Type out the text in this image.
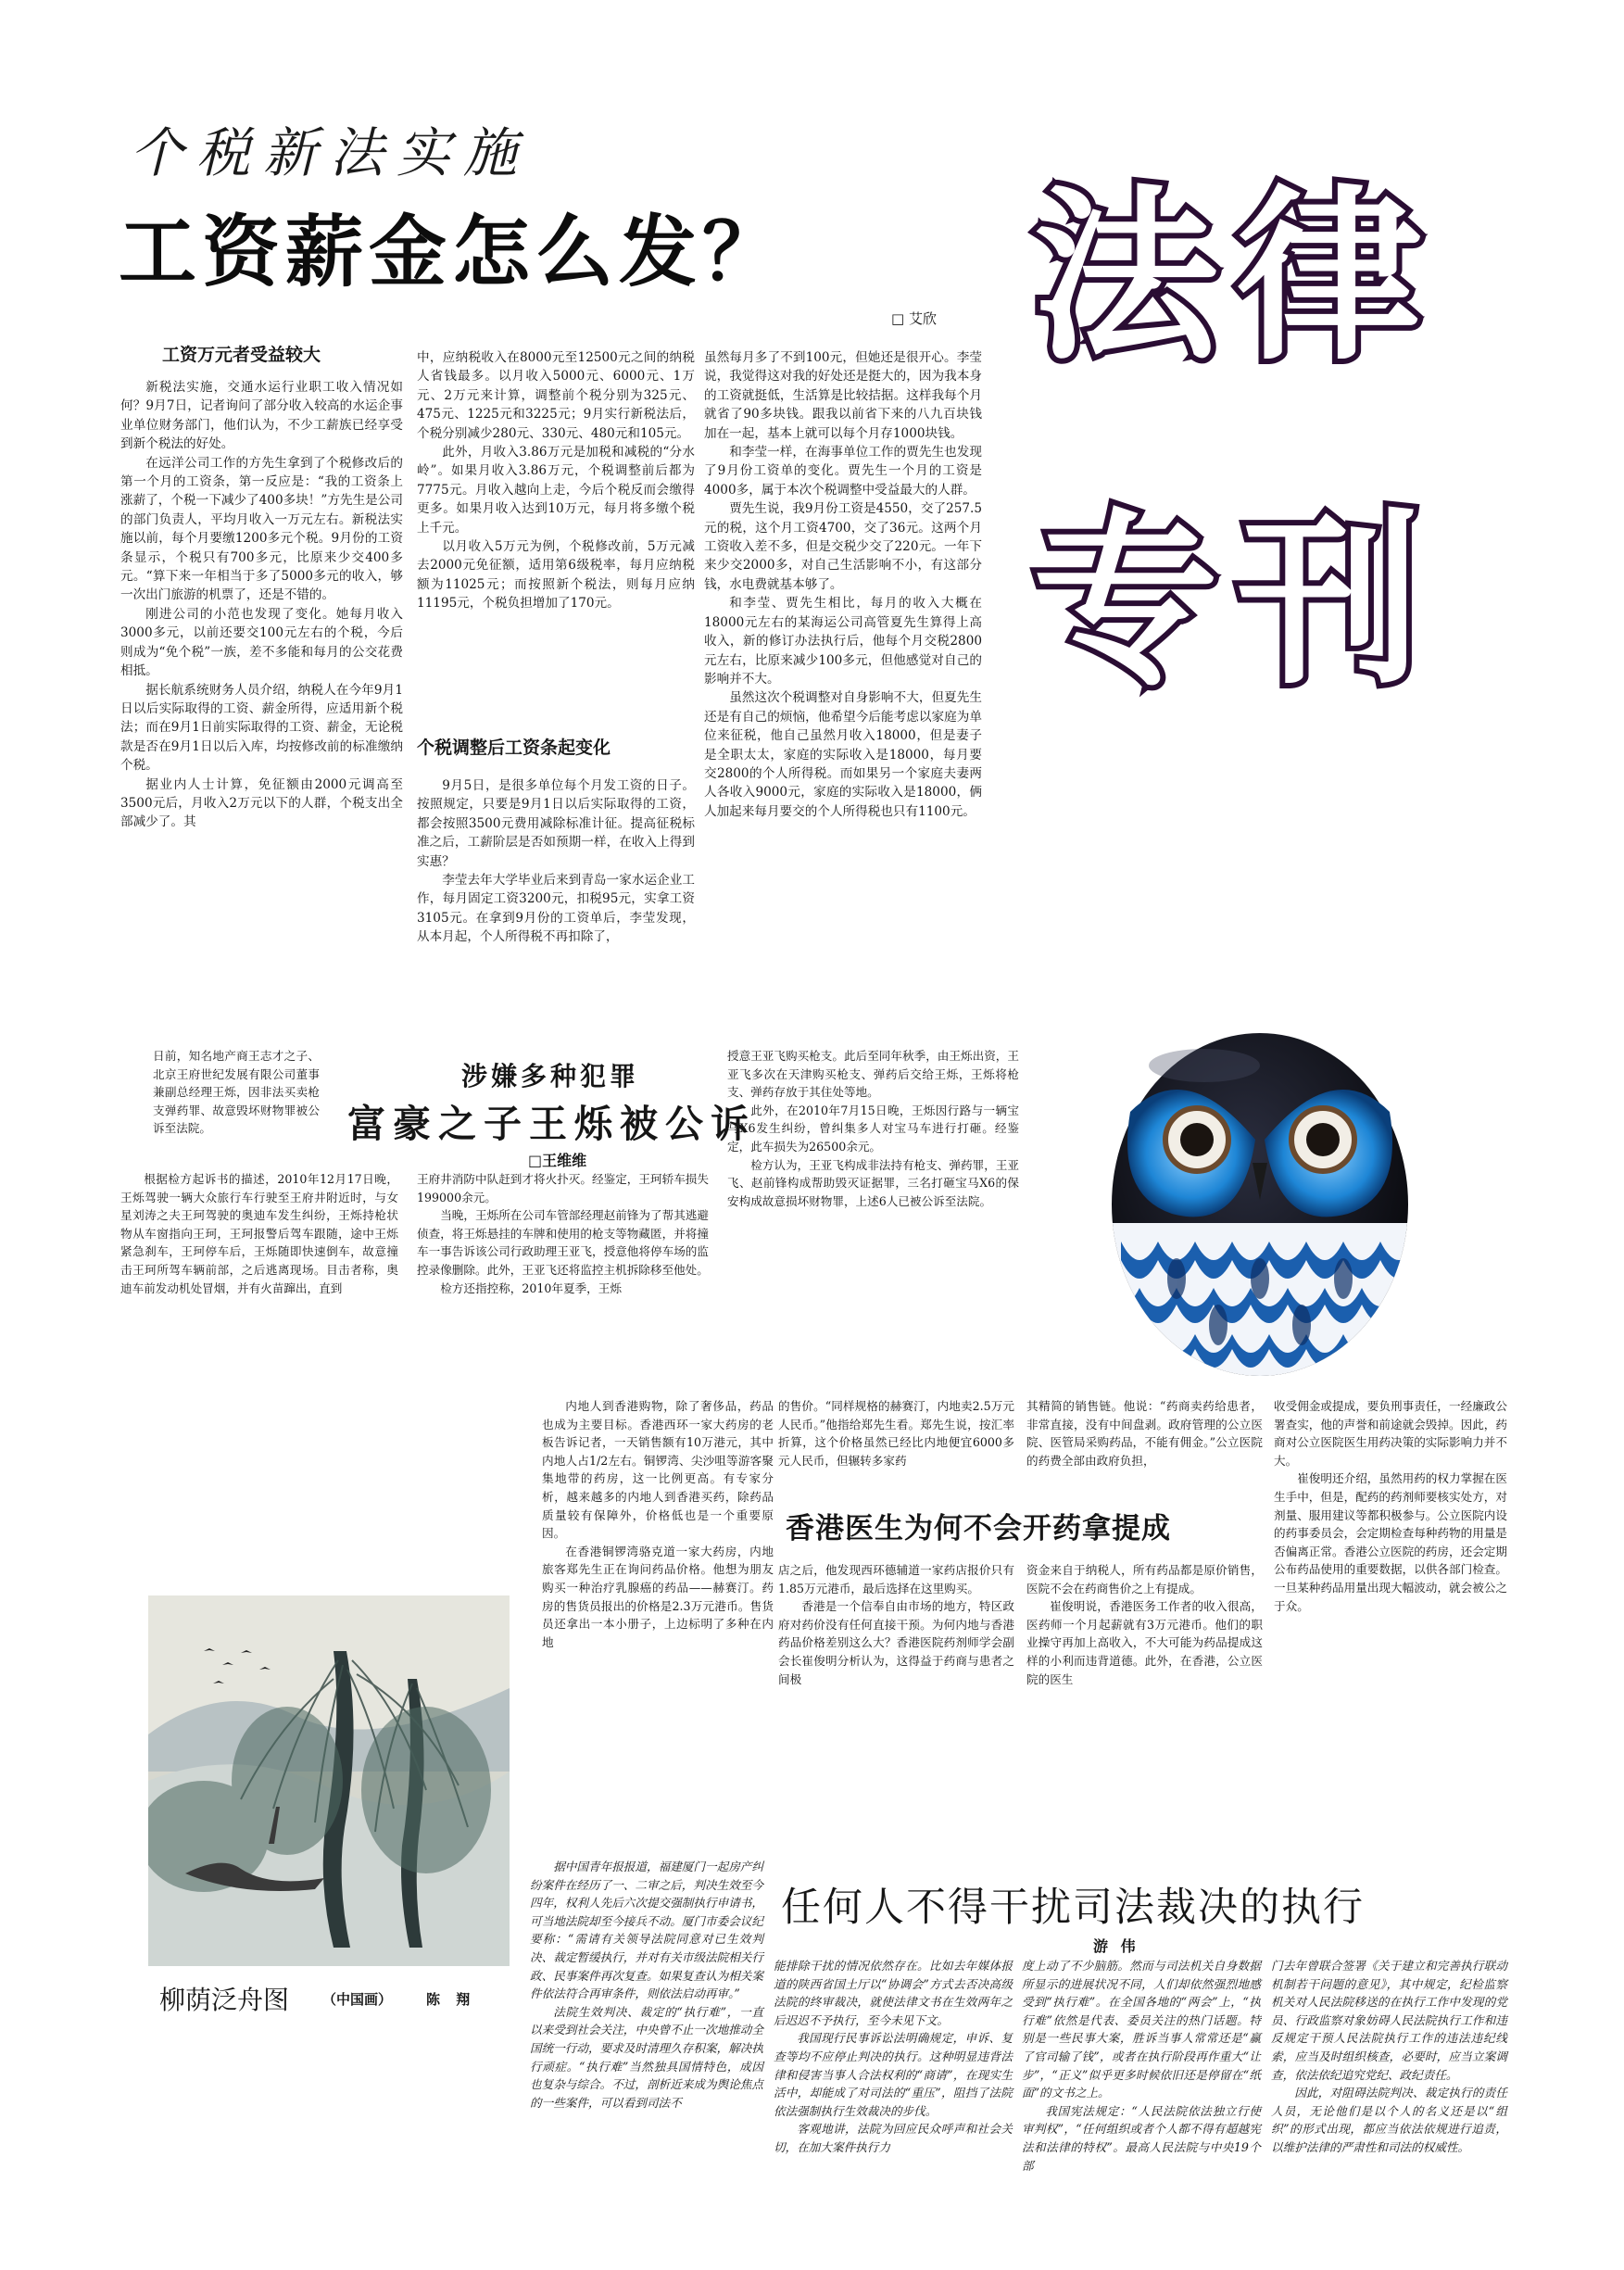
个税新法实施
工资薪金怎么发？
□ 艾欣
工资万元者受益较大

新税法实施，交通水运行业职工收入情况如何？9月7日，记者询问了部分收入较高的水运企事业单位财务部门，他们认为，不少工薪族已经享受到新个税法的好处。

在远洋公司工作的方先生拿到了个税修改后的第一个月的工资条，第一反应是：“我的工资条上涨薪了，个税一下减少了400多块！”方先生是公司的部门负责人，平均月收入一万元左右。新税法实施以前，每个月要缴1200多元个税。9月份的工资条显示，个税只有700多元，比原来少交400多元。“算下来一年相当于多了5000多元的收入，够一次出门旅游的机票了，还是不错的。

刚进公司的小范也发现了变化。她每月收入3000多元，以前还要交100元左右的个税，今后则成为“免个税”一族，差不多能和每月的公交花费相抵。

据长航系统财务人员介绍，纳税人在今年9月1日以后实际取得的工资、薪金所得，应适用新个税法；而在9月1日前实际取得的工资、薪金，无论税款是否在9月1日以后入库，均按修改前的标准缴纳个税。

据业内人士计算，免征额由2000元调高至3500元后，月收入2万元以下的人群，个税支出全部减少了。其

中，应纳税收入在8000元至12500元之间的纳税人省钱最多。以月收入5000元、6000元、1万元、2万元来计算，调整前个税分别为325元、475元、1225元和3225元；9月实行新税法后，个税分别减少280元、330元、480元和105元。

此外，月收入3.86万元是加税和减税的“分水岭”。如果月收入3.86万元，个税调整前后都为7775元。月收入越向上走，今后个税反而会缴得更多。如果月收入达到10万元，每月将多缴个税上千元。

以月收入5万元为例，个税修改前，5万元减去2000元免征额，适用第6级税率，每月应纳税额为11025元；而按照新个税法，则每月应纳11195元，个税负担增加了170元。

个税调整后工资条起变化

9月5日，是很多单位每个月发工资的日子。按照规定，只要是9月1日以后实际取得的工资，都会按照3500元费用减除标准计征。提高征税标准之后，工薪阶层是否如预期一样，在收入上得到实惠？

李莹去年大学毕业后来到青岛一家水运企业工作，每月固定工资3200元，扣税95元，实拿工资3105元。在拿到9月份的工资单后，李莹发现，从本月起，个人所得税不再扣除了，

虽然每月多了不到100元，但她还是很开心。李莹说，我觉得这对我的好处还是挺大的，因为我本身的工资就挺低，生活算是比较拮据。这样我每个月就省了90多块钱。跟我以前省下来的八九百块钱加在一起，基本上就可以每个月存1000块钱。

和李莹一样，在海事单位工作的贾先生也发现了9月份工资单的变化。贾先生一个月的工资是4000多，属于本次个税调整中受益最大的人群。

贾先生说，我9月份工资是4550，交了257.5元的税，这个月工资4700，交了36元。这两个月工资收入差不多，但是交税少交了220元。一年下来少交2000多，对自己生活影响不小，有这部分钱，水电费就基本够了。

和李莹、贾先生相比，每月的收入大概在18000元左右的某海运公司高管夏先生算得上高收入，新的修订办法执行后，他每个月交税2800元左右，比原来减少100多元，但他感觉对自己的影响并不大。

虽然这次个税调整对自身影响不大，但夏先生还是有自己的烦恼，他希望今后能考虑以家庭为单位来征税，他自己虽然月收入18000，但是妻子是全职太太，家庭的实际收入是18000，每月要交2800的个人所得税。而如果另一个家庭夫妻两人各收入9000元，家庭的实际收入是18000，俩人加起来每月要交的个人所得税也只有1100元。

法律
专刊

日前，知名地产商王志才之子、北京王府世纪发展有限公司董事兼副总经理王烁，因非法买卖枪支弹药罪、故意毁坏财物罪被公诉至法院。

涉嫌多种犯罪
富豪之子王烁被公诉
□王维维

根据检方起诉书的描述，2010年12月17日晚，王烁驾驶一辆大众旅行车行驶至王府井附近时，与女星刘涛之夫王珂驾驶的奥迪车发生纠纷，王烁持枪状物从车窗指向王珂，王珂报警后驾车跟随，途中王烁紧急刹车，王珂停车后，王烁随即快速倒车，故意撞击王珂所驾车辆前部，之后逃离现场。目击者称，奥迪车前发动机处冒烟，并有火苗蹿出，直到

王府井消防中队赶到才将火扑灭。经鉴定，王珂轿车损失199000余元。

当晚，王烁所在公司车管部经理赵前锋为了帮其逃避侦查，将王烁悬挂的车牌和使用的枪支等物藏匿，并将撞车一事告诉该公司行政助理王亚飞，授意他将停车场的监控录像删除。此外，王亚飞还将监控主机拆除移至他处。

检方还指控称，2010年夏季，王烁

授意王亚飞购买枪支。此后至同年秋季，由王烁出资，王亚飞多次在天津购买枪支、弹药后交给王烁，王烁将枪支、弹药存放于其住处等地。

此外，在2010年7月15日晚，王烁因行路与一辆宝马X6发生纠纷，曾纠集多人对宝马车进行打砸。经鉴定，此车损失为26500余元。

检方认为，王亚飞构成非法持有枪支、弹药罪，王亚飞、赵前锋构成帮助毁灭证据罪，三名打砸宝马X6的保安构成故意损坏财物罪，上述6人已被公诉至法院。

内地人到香港购物，除了奢侈品，药品也成为主要目标。香港西环一家大药房的老板告诉记者，一天销售额有10万港元，其中内地人占1/2左右。铜锣湾、尖沙咀等游客聚集地带的药房，这一比例更高。有专家分析，越来越多的内地人到香港买药，除药品质量较有保障外，价格低也是一个重要原因。

在香港铜锣湾骆克道一家大药房，内地旅客郑先生正在询问药品价格。他想为朋友购买一种治疗乳腺癌的药品——赫赛汀。药房的售货员报出的价格是2.3万元港币。售货员还拿出一本小册子，上边标明了多种在内地

的售价。“同样规格的赫赛汀，内地卖2.5万元人民币。”他指给郑先生看。郑先生说，按汇率折算，这个价格虽然已经比内地便宜6000多元人民币，但辗转多家药

其精简的销售链。他说：“药商卖药给患者，非常直接，没有中间盘剥。政府管理的公立医院、医管局采购药品，不能有佣金。”公立医院的药费全部由政府负担，

香港医生为何不会开药拿提成

店之后，他发现西环德辅道一家药店报价只有1.85万元港币，最后选择在这里购买。

香港是一个信奉自由市场的地方，特区政府对药价没有任何直接干预。为何内地与香港药品价格差别这么大？香港医院药剂师学会副会长崔俊明分析认为，这得益于药商与患者之间极

资金来自于纳税人，所有药品都是原价销售，医院不会在药商售价之上有提成。

崔俊明说，香港医务工作者的收入很高，医药师一个月起薪就有3万元港币。他们的职业操守再加上高收入，不大可能为药品提成这样的小利而违背道德。此外，在香港，公立医院的医生

收受佣金或提成，要负刑事责任，一经廉政公署查实，他的声誉和前途就会毁掉。因此，药商对公立医院医生用药决策的实际影响力并不大。

崔俊明还介绍，虽然用药的权力掌握在医生手中，但是，配药的药剂师要核实处方，对剂量、服用建议等都积极参与。公立医院内设的药事委员会，会定期检查每种药物的用量是否偏离正常。香港公立医院的药房，还会定期公布药品使用的重要数据，以供各部门检查。一旦某种药品用量出现大幅波动，就会被公之于众。

柳荫泛舟图 （中国画） 陈 翔
任何人不得干扰司法裁决的执行
游 伟

据中国青年报报道，福建厦门一起房产纠纷案件在经历了一、二审之后，判决生效至今四年，权利人先后六次提交强制执行申请书，可当地法院却至今接兵不动。厦门市委会议纪要称：“需请有关领导法院同意对已生效判决、裁定暂缓执行，并对有关市级法院相关行政、民事案件再次复查。如果复查认为相关案件依法符合再审条件，则依法启动再审。”

法院生效判决、裁定的“执行难”，一直以来受到社会关注，中央曾不止一次地推动全国统一行动，要求及时清理久存积案，解决执行顽症。“执行难”当然独具国情特色，成因也复杂与综合。不过，剖析近来成为舆论焦点的一些案件，可以看到司法不

能排除干扰的情况依然存在。比如去年媒体报道的陕西省国土厅以“协调会”方式去否决高级法院的终审裁决，就使法律文书在生效两年之后迟迟不予执行，至今未见下文。

我国现行民事诉讼法明确规定，申诉、复查等均不应停止判决的执行。这种明显违背法律和侵害当事人合法权利的“商请”，在现实生活中，却能成了对司法的“重压”，阻挡了法院依法强制执行生效裁决的步伐。

客观地讲，法院为回应民众呼声和社会关切，在加大案件执行力

度上动了不少脑筋。然而与司法机关自身数据所显示的进展状况不同，人们却依然强烈地感受到“执行难”。在全国各地的“两会”上，“执行难”依然是代表、委员关注的热门话题。特别是一些民事大案，胜诉当事人常常还是“赢了官司输了钱”，或者在执行阶段再作重大“让步”，“正义”似乎更多时候依旧还是停留在“纸面”的文书之上。

我国宪法规定：“人民法院依法独立行使审判权”，“任何组织或者个人都不得有超越宪法和法律的特权”。最高人民法院与中央19个部

门去年曾联合签署《关于建立和完善执行联动机制若干问题的意见》，其中规定，纪检监察机关对人民法院移送的在执行工作中发现的党员、行政监察对象妨碍人民法院执行工作和违反规定干预人民法院执行工作的违法违纪线索，应当及时组织核查，必要时，应当立案调查，依法依纪追究党纪、政纪责任。

因此，对阻碍法院判决、裁定执行的责任人员，无论他们是以个人的名义还是以“组织”的形式出现，都应当依法依规进行追责，以维护法律的严肃性和司法的权威性。
